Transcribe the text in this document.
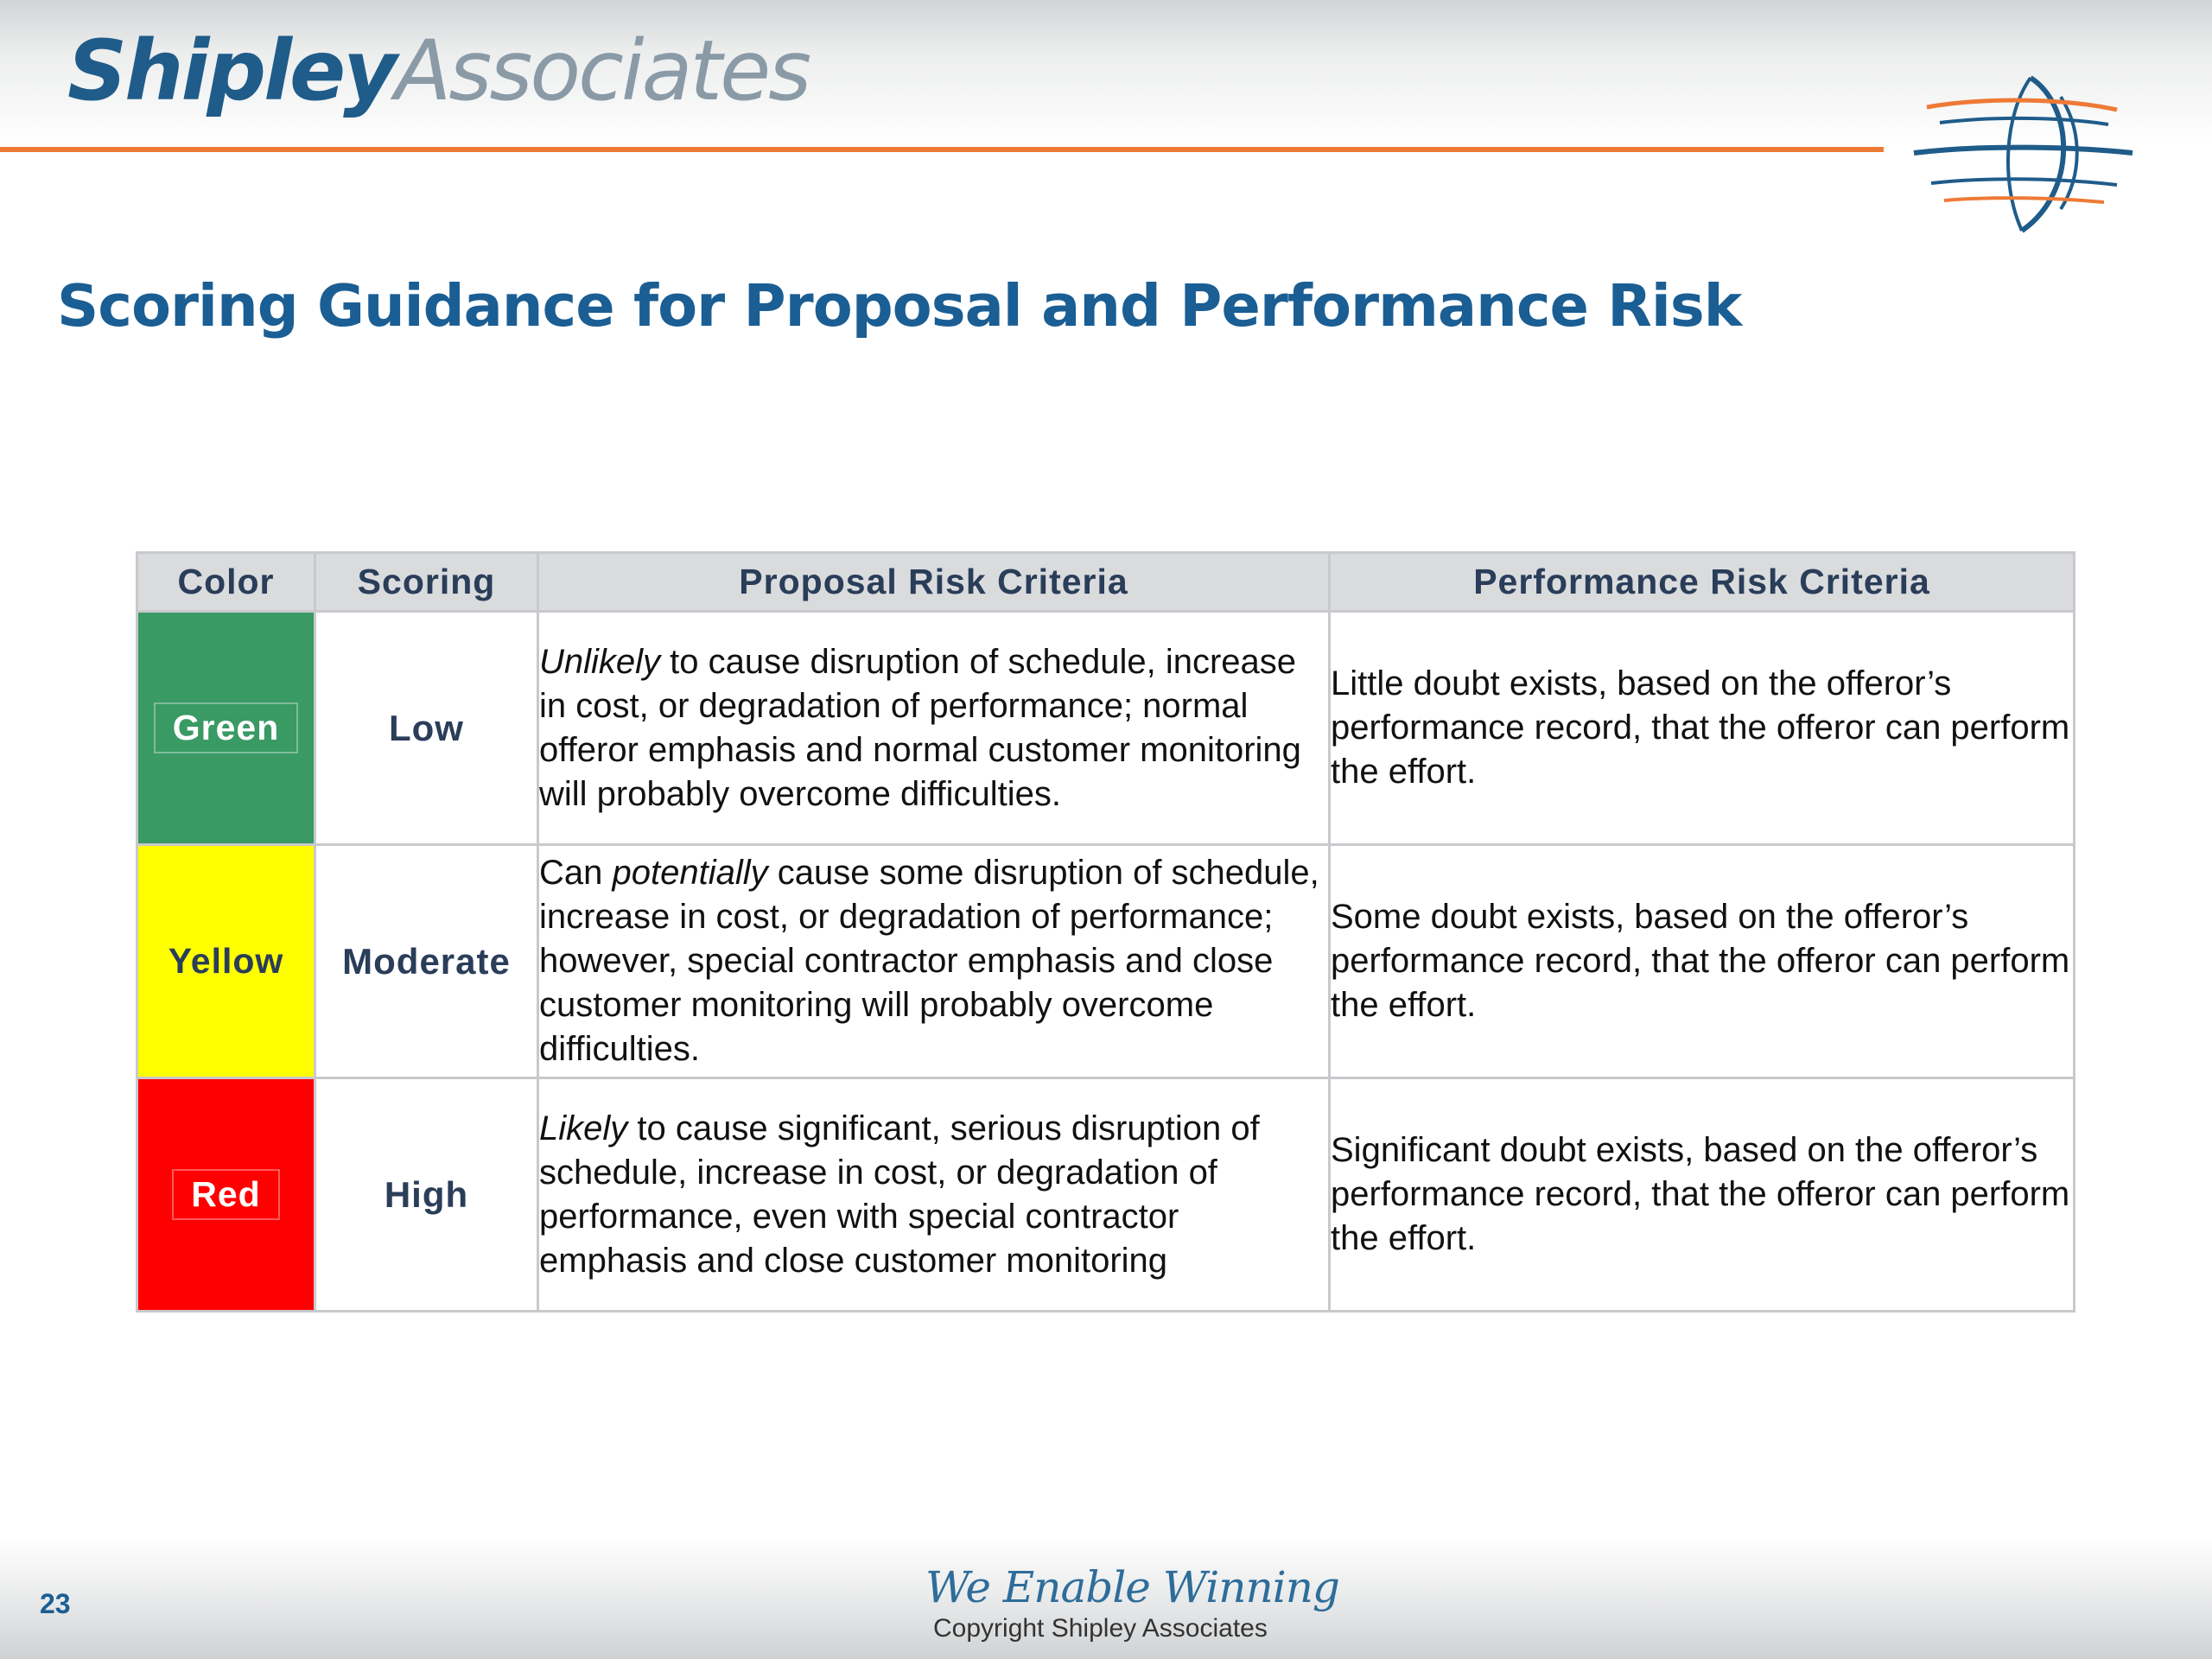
ShipleyAssociates
Scoring Guidance for Proposal and Performance Risk
Color	Scoring	Proposal Risk Criteria	Performance Risk Criteria
Green	Low	Unlikely to cause disruption of schedule, increase in cost, or degradation of performance; normal offeror emphasis and normal customer monitoring will probably overcome difficulties.	Little doubt exists, based on the offeror’s performance record, that the offeror can perform the effort.
Yellow	Moderate	Can potentially cause some disruption of schedule, increase in cost, or degradation of performance; however, special contractor emphasis and close customer monitoring will probably overcome difficulties.	Some doubt exists, based on the offeror’s performance record, that the offeror can perform the effort.
Red	High	Likely to cause significant, serious disruption of schedule, increase in cost, or degradation of performance, even with special contractor emphasis and close customer monitoring	Significant doubt exists, based on the offeror’s performance record, that the offeror can perform the effort.
23	We Enable Winning
Copyright Shipley Associates
